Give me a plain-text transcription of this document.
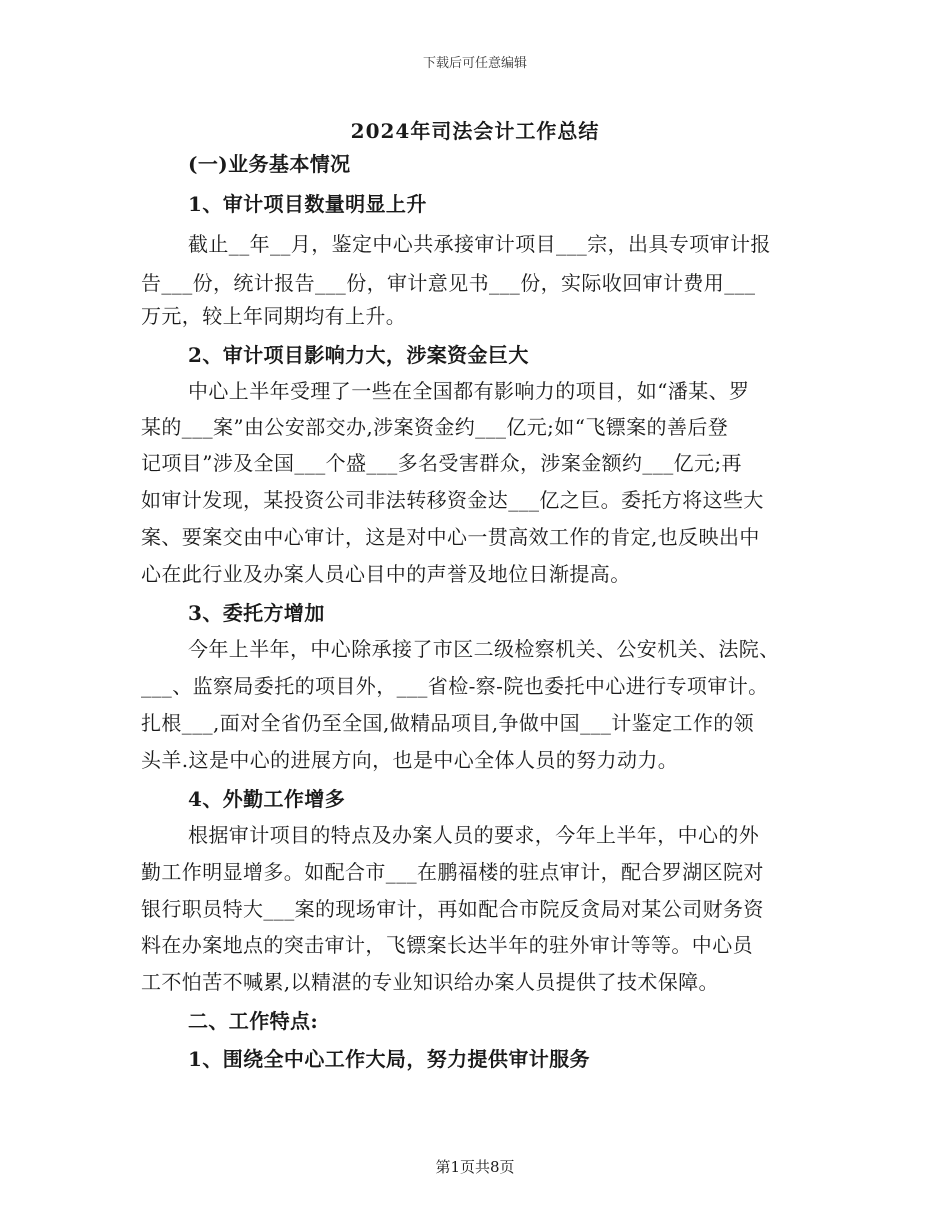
下载后可任意编辑
2024年司法会计工作总结
(一)业务基本情况
1、审计项目数量明显上升
截止__年__月，鉴定中心共承接审计项目___宗，出具专项审计报
告___份，统计报告___份，审计意见书___份，实际收回审计费用___
万元，较上年同期均有上升。
2、审计项目影响力大，涉案资金巨大
中心上半年受理了一些在全国都有影响力的项目，如“潘某、罗
某的___案”由公安部交办,涉案资金约___亿元;如“飞镖案的善后登
记项目”涉及全国___个盛___多名受害群众，涉案金额约___亿元;再
如审计发现，某投资公司非法转移资金达___亿之巨。委托方将这些大
案、要案交由中心审计，这是对中心一贯高效工作的肯定,也反映出中
心在此行业及办案人员心目中的声誉及地位日渐提高。
3、委托方增加
今年上半年，中心除承接了市区二级检察机关、公安机关、法院、
___、监察局委托的项目外，___省检-察-院也委托中心进行专项审计。
扎根___,面对全省仍至全国,做精品项目,争做中国___计鉴定工作的领
头羊.这是中心的进展方向，也是中心全体人员的努力动力。
4、外勤工作增多
根据审计项目的特点及办案人员的要求，今年上半年，中心的外
勤工作明显增多。如配合市___在鹏福楼的驻点审计，配合罗湖区院对
银行职员特大___案的现场审计，再如配合市院反贪局对某公司财务资
料在办案地点的突击审计，飞镖案长达半年的驻外审计等等。中心员
工不怕苦不喊累,以精湛的专业知识给办案人员提供了技术保障。
二、工作特点:
1、围绕全中心工作大局，努力提供审计服务
第1页共8页
